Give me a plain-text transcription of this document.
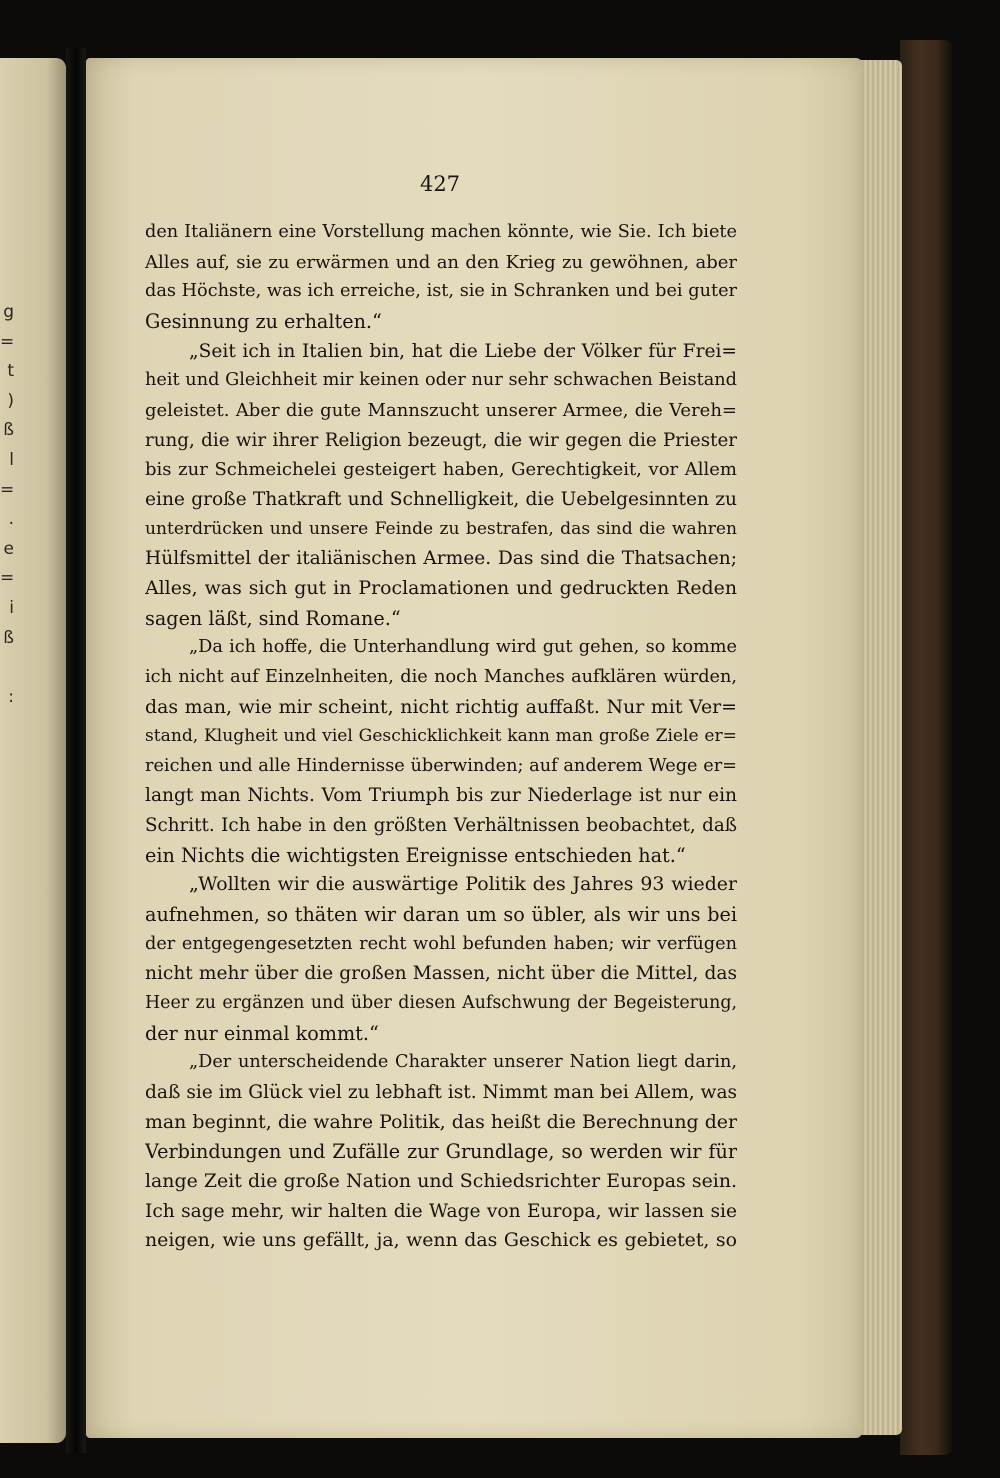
g
=
t
)
ß
l
=
.
e
=
i
ß
:
427
den Italiänern eine Vorstellung machen könnte, wie Sie. Ich biete
Alles auf, sie zu erwärmen und an den Krieg zu gewöhnen, aber
das Höchste, was ich erreiche, ist, sie in Schranken und bei guter
Gesinnung zu erhalten.“
„Seit ich in Italien bin, hat die Liebe der Völker für Frei=
heit und Gleichheit mir keinen oder nur sehr schwachen Beistand
geleistet. Aber die gute Mannszucht unserer Armee, die Vereh=
rung, die wir ihrer Religion bezeugt, die wir gegen die Priester
bis zur Schmeichelei gesteigert haben, Gerechtigkeit, vor Allem
eine große Thatkraft und Schnelligkeit, die Uebelgesinnten zu
unterdrücken und unsere Feinde zu bestrafen, das sind die wahren
Hülfsmittel der italiänischen Armee. Das sind die Thatsachen;
Alles, was sich gut in Proclamationen und gedruckten Reden
sagen läßt, sind Romane.“
„Da ich hoffe, die Unterhandlung wird gut gehen, so komme
ich nicht auf Einzelnheiten, die noch Manches aufklären würden,
das man, wie mir scheint, nicht richtig auffaßt. Nur mit Ver=
stand, Klugheit und viel Geschicklichkeit kann man große Ziele er=
reichen und alle Hindernisse überwinden; auf anderem Wege er=
langt man Nichts. Vom Triumph bis zur Niederlage ist nur ein
Schritt. Ich habe in den größten Verhältnissen beobachtet, daß
ein Nichts die wichtigsten Ereignisse entschieden hat.“
„Wollten wir die auswärtige Politik des Jahres 93 wieder
aufnehmen, so thäten wir daran um so übler, als wir uns bei
der entgegengesetzten recht wohl befunden haben; wir verfügen
nicht mehr über die großen Massen, nicht über die Mittel, das
Heer zu ergänzen und über diesen Aufschwung der Begeisterung,
der nur einmal kommt.“
„Der unterscheidende Charakter unserer Nation liegt darin,
daß sie im Glück viel zu lebhaft ist. Nimmt man bei Allem, was
man beginnt, die wahre Politik, das heißt die Berechnung der
Verbindungen und Zufälle zur Grundlage, so werden wir für
lange Zeit die große Nation und Schiedsrichter Europas sein.
Ich sage mehr, wir halten die Wage von Europa, wir lassen sie
neigen, wie uns gefällt, ja, wenn das Geschick es gebietet, so
